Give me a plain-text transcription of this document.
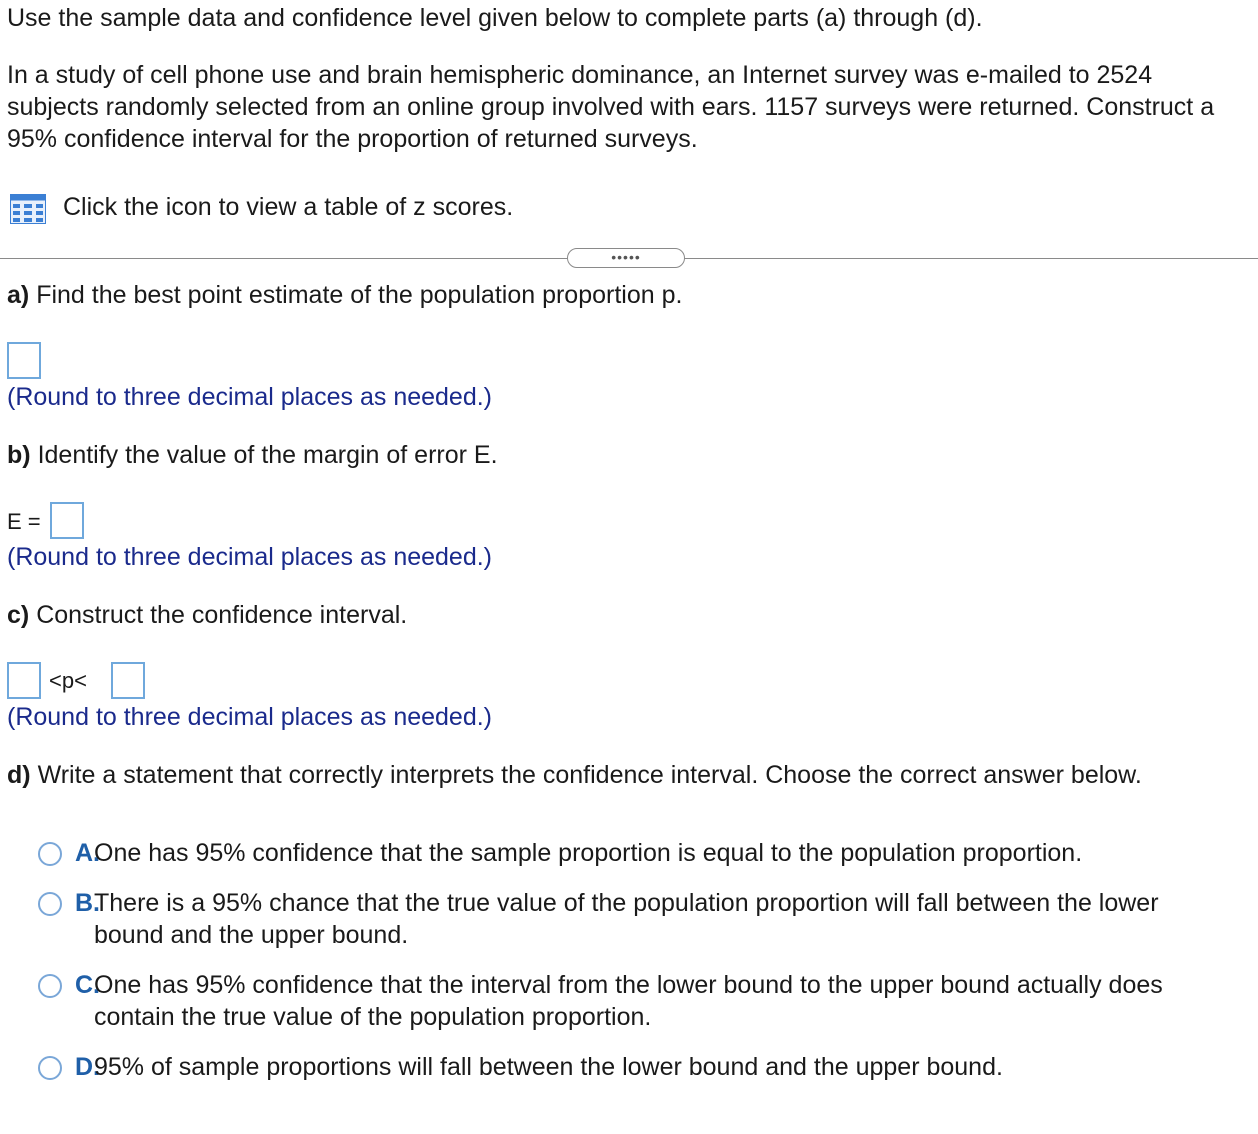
Use the sample data and confidence level given below to complete parts (a) through (d).
In a study of cell phone use and brain hemispheric dominance, an Internet survey was e-mailed to 2524 subjects randomly selected from an online group involved with ears. 1157 surveys were returned. Construct a 95% confidence interval for the proportion of returned surveys.
Click the icon to view a table of z scores.
•••••
a) Find the best point estimate of the population proportion p.
(Round to three decimal places as needed.)
b) Identify the value of the margin of error E.
E =
(Round to three decimal places as needed.)
c) Construct the confidence interval.
<p<
(Round to three decimal places as needed.)
d) Write a statement that correctly interprets the confidence interval. Choose the correct answer below.
A.
One has 95% confidence that the sample proportion is equal to the population proportion.
B.
There is a 95% chance that the true value of the population proportion will fall between the lower bound and the upper bound.
C.
One has 95% confidence that the interval from the lower bound to the upper bound actually does contain the true value of the population proportion.
D.
95% of sample proportions will fall between the lower bound and the upper bound.
